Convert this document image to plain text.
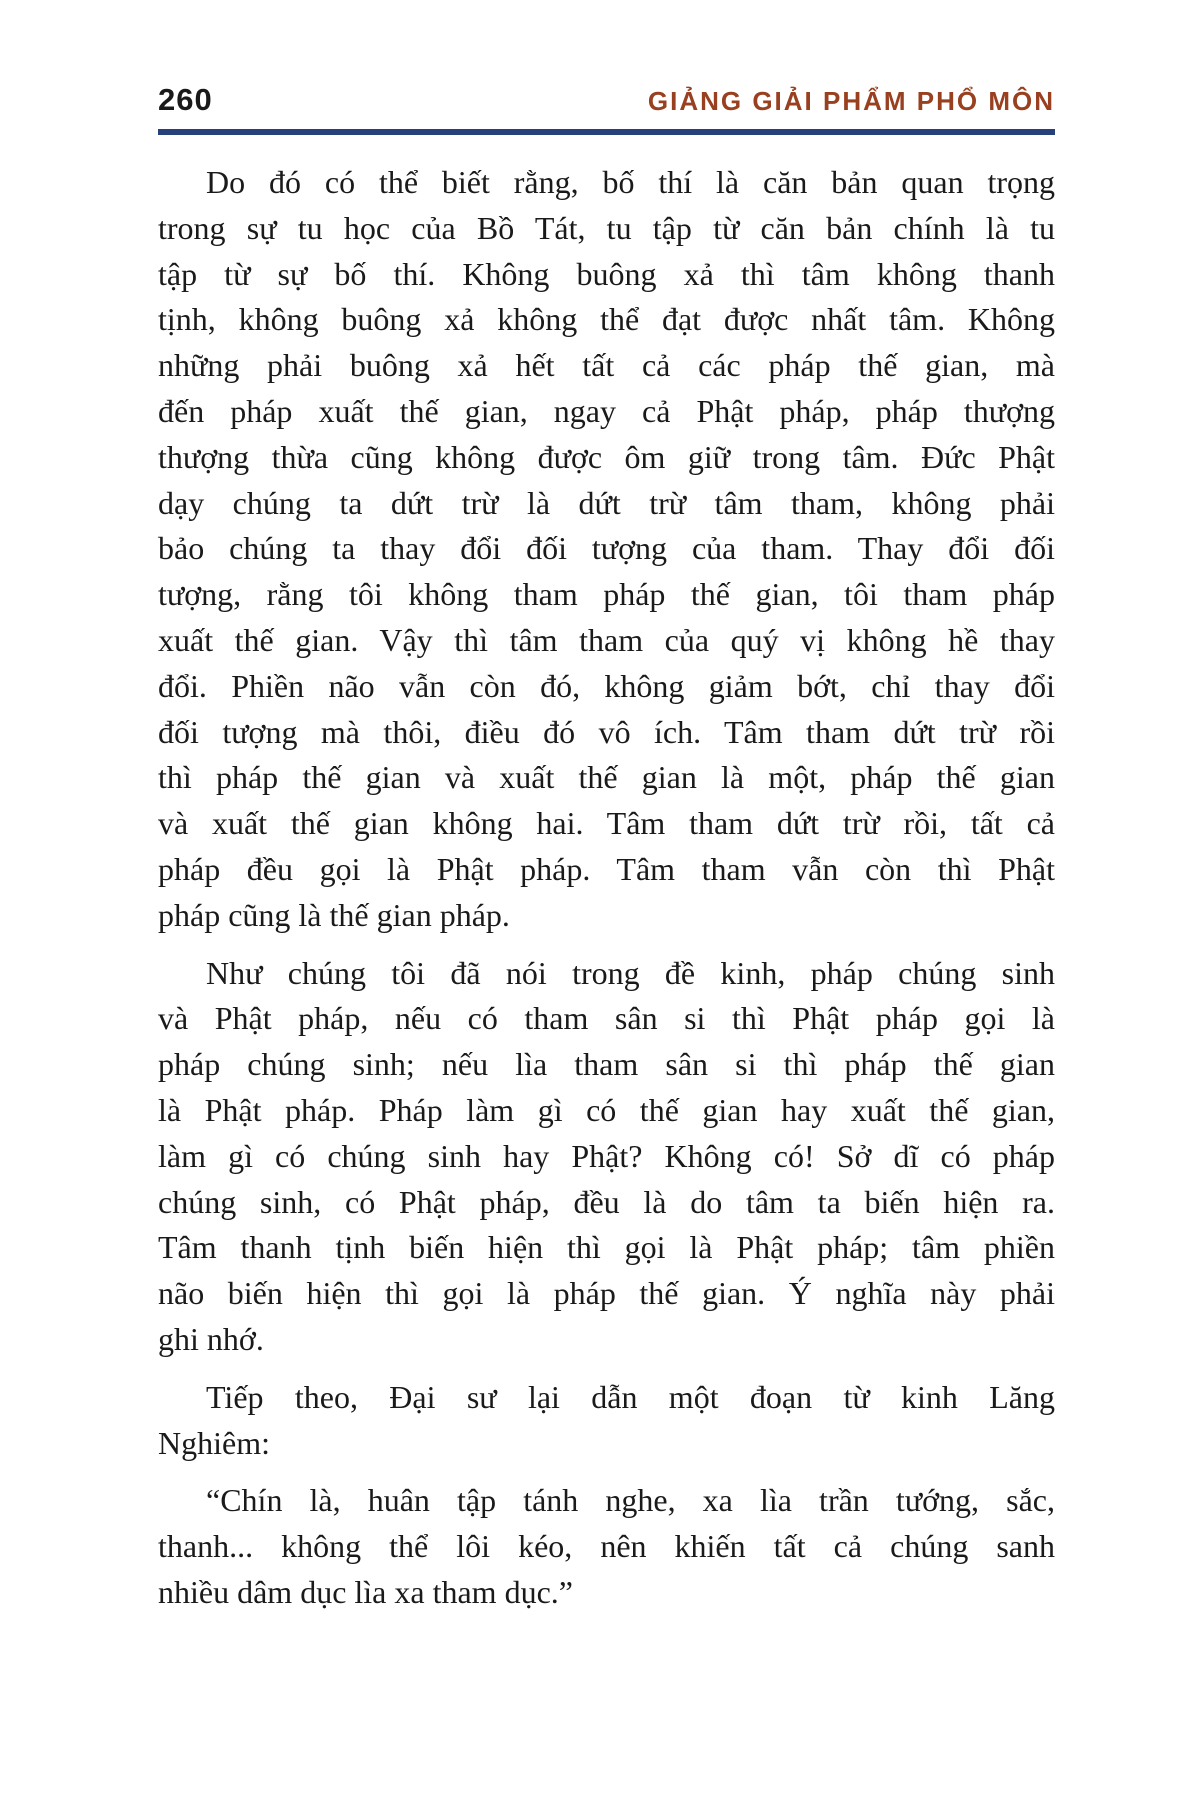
260	GIẢNG GIẢI PHẨM PHỔ MÔN
Do đó có thể biết rằng, bố thí là căn bản quan trọng
trong sự tu học của Bồ Tát, tu tập từ căn bản chính là tu
tập từ sự bố thí. Không buông xả thì tâm không thanh
tịnh, không buông xả không thể đạt được nhất tâm. Không
những phải buông xả hết tất cả các pháp thế gian, mà
đến pháp xuất thế gian, ngay cả Phật pháp, pháp thượng
thượng thừa cũng không được ôm giữ trong tâm. Đức Phật
dạy chúng ta dứt trừ là dứt trừ tâm tham, không phải
bảo chúng ta thay đổi đối tượng của tham. Thay đổi đối
tượng, rằng tôi không tham pháp thế gian, tôi tham pháp
xuất thế gian. Vậy thì tâm tham của quý vị không hề thay
đổi. Phiền não vẫn còn đó, không giảm bớt, chỉ thay đổi
đối tượng mà thôi, điều đó vô ích. Tâm tham dứt trừ rồi
thì pháp thế gian và xuất thế gian là một, pháp thế gian
và xuất thế gian không hai. Tâm tham dứt trừ rồi, tất cả
pháp đều gọi là Phật pháp. Tâm tham vẫn còn thì Phật
pháp cũng là thế gian pháp.
Như chúng tôi đã nói trong đề kinh, pháp chúng sinh
và Phật pháp, nếu có tham sân si thì Phật pháp gọi là
pháp chúng sinh; nếu lìa tham sân si thì pháp thế gian
là Phật pháp. Pháp làm gì có thế gian hay xuất thế gian,
làm gì có chúng sinh hay Phật? Không có! Sở dĩ có pháp
chúng sinh, có Phật pháp, đều là do tâm ta biến hiện ra.
Tâm thanh tịnh biến hiện thì gọi là Phật pháp; tâm phiền
não biến hiện thì gọi là pháp thế gian. Ý nghĩa này phải
ghi nhớ.
Tiếp theo, Đại sư lại dẫn một đoạn từ kinh Lăng
Nghiêm:
“Chín là, huân tập tánh nghe, xa lìa trần tướng, sắc,
thanh... không thể lôi kéo, nên khiến tất cả chúng sanh
nhiều dâm dục lìa xa tham dục.”
